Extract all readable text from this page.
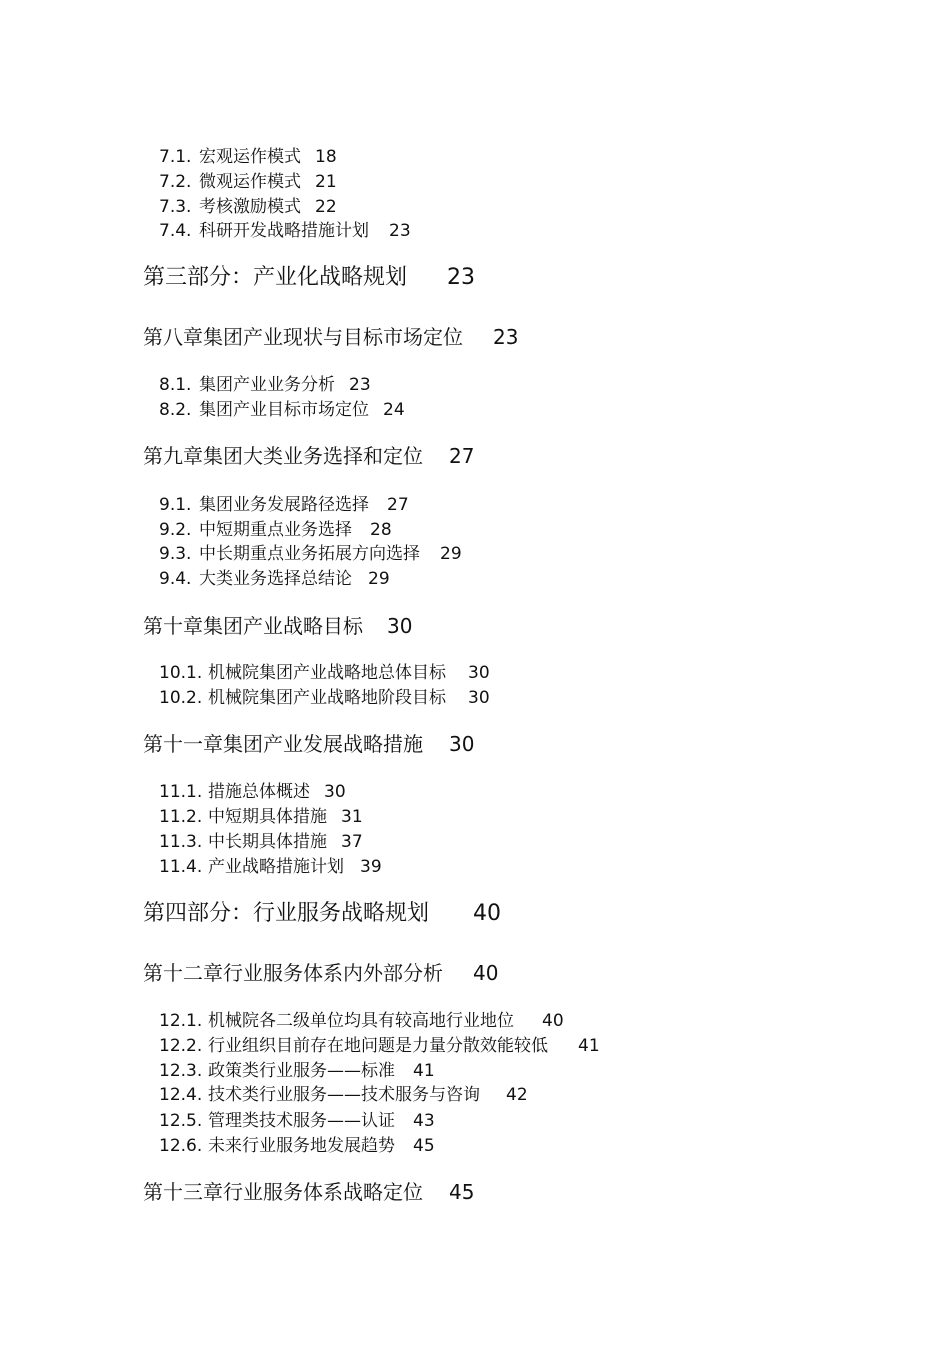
7.1. 宏观运作模式 18
7.2. 微观运作模式 21
7.3. 考核激励模式 22
7.4. 科研开发战略措施计划 23
第三部分：产业化战略规划 23
第八章集团产业现状与目标市场定位 23
8.1. 集团产业业务分析 23
8.2. 集团产业目标市场定位 24
第九章集团大类业务选择和定位 27
9.1. 集团业务发展路径选择 27
9.2. 中短期重点业务选择 28
9.3. 中长期重点业务拓展方向选择 29
9.4. 大类业务选择总结论 29
第十章集团产业战略目标 30
10.1. 机械院集团产业战略地总体目标 30
10.2. 机械院集团产业战略地阶段目标 30
第十一章集团产业发展战略措施 30
11.1. 措施总体概述 30
11.2. 中短期具体措施 31
11.3. 中长期具体措施 37
11.4. 产业战略措施计划 39
第四部分：行业服务战略规划 40
第十二章行业服务体系内外部分析 40
12.1. 机械院各二级单位均具有较高地行业地位 40
12.2. 行业组织目前存在地问题是力量分散效能较低 41
12.3. 政策类行业服务——标准 41
12.4. 技术类行业服务——技术服务与咨询 42
12.5. 管理类技术服务——认证 43
12.6. 未来行业服务地发展趋势 45
第十三章行业服务体系战略定位 45
